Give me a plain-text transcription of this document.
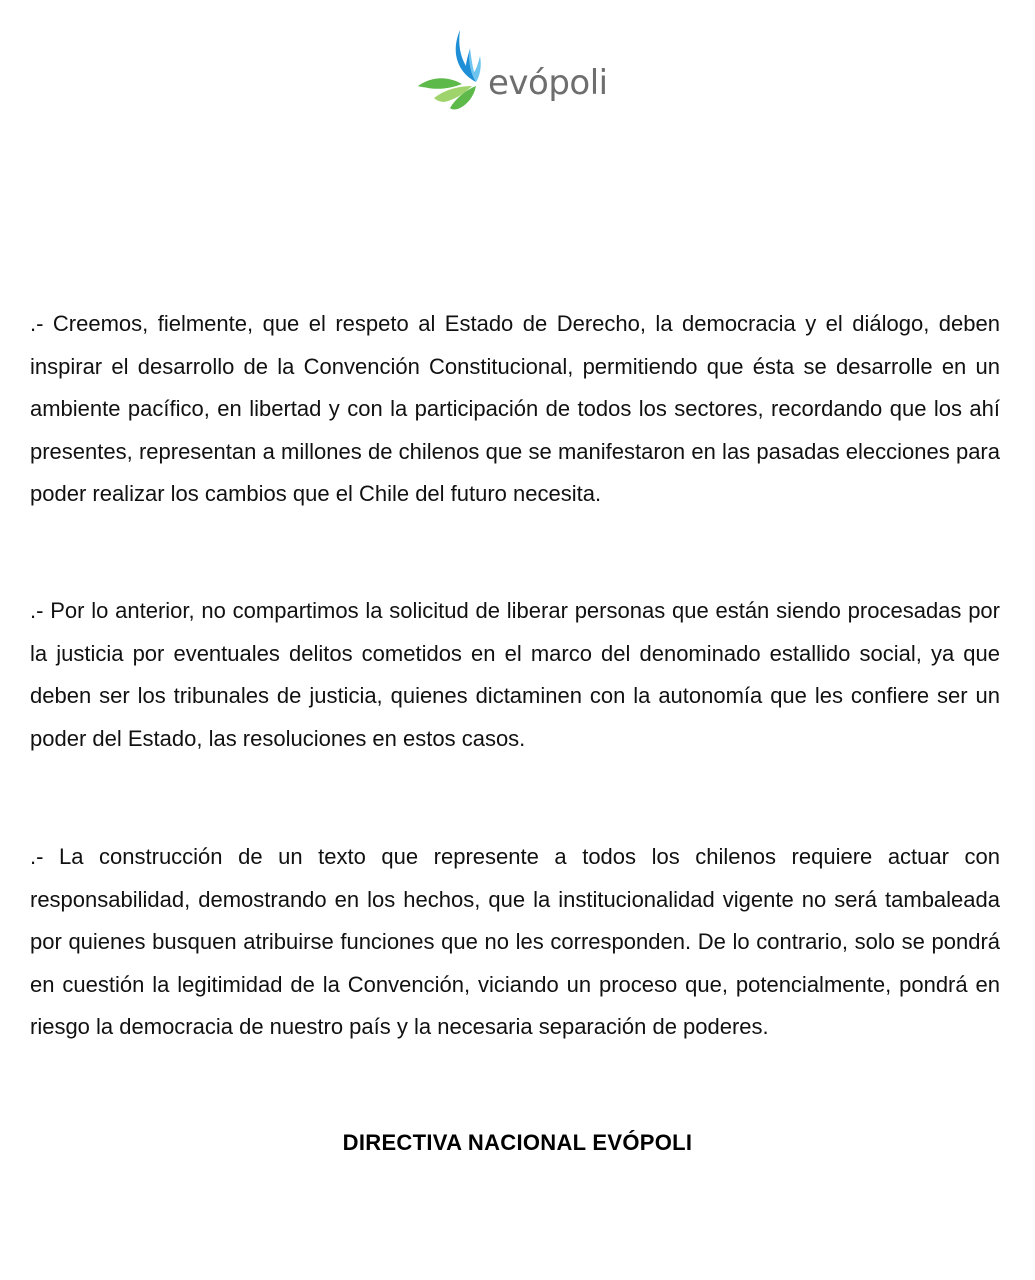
evópoli

.- Creemos, fielmente, que el respeto al Estado de Derecho, la democracia y el diálogo, deben inspirar el desarrollo de la Convención Constitucional, permitiendo que ésta se desarrolle en un ambiente pacífico, en libertad y con la participación de todos los sectores, recordando que los ahí presentes, representan a millones de chilenos que se manifestaron en las pasadas elecciones para poder realizar los cambios que el Chile del futuro necesita.

.- Por lo anterior, no compartimos la solicitud de liberar personas que están siendo procesadas por la justicia por eventuales delitos cometidos en el marco del denominado estallido social, ya que deben ser los tribunales de justicia, quienes dictaminen con la autonomía que les confiere ser un poder del Estado, las resoluciones en estos casos.

.- La construcción de un texto que represente a todos los chilenos requiere actuar con responsabilidad, demostrando en los hechos, que la institucionalidad vigente no será tambaleada por quienes busquen atribuirse funciones que no les corresponden. De lo contrario, solo se pondrá en cuestión la legitimidad de la Convención, viciando un proceso que, potencialmente, pondrá en riesgo la democracia de nuestro país y la necesaria separación de poderes.

DIRECTIVA NACIONAL EVÓPOLI
